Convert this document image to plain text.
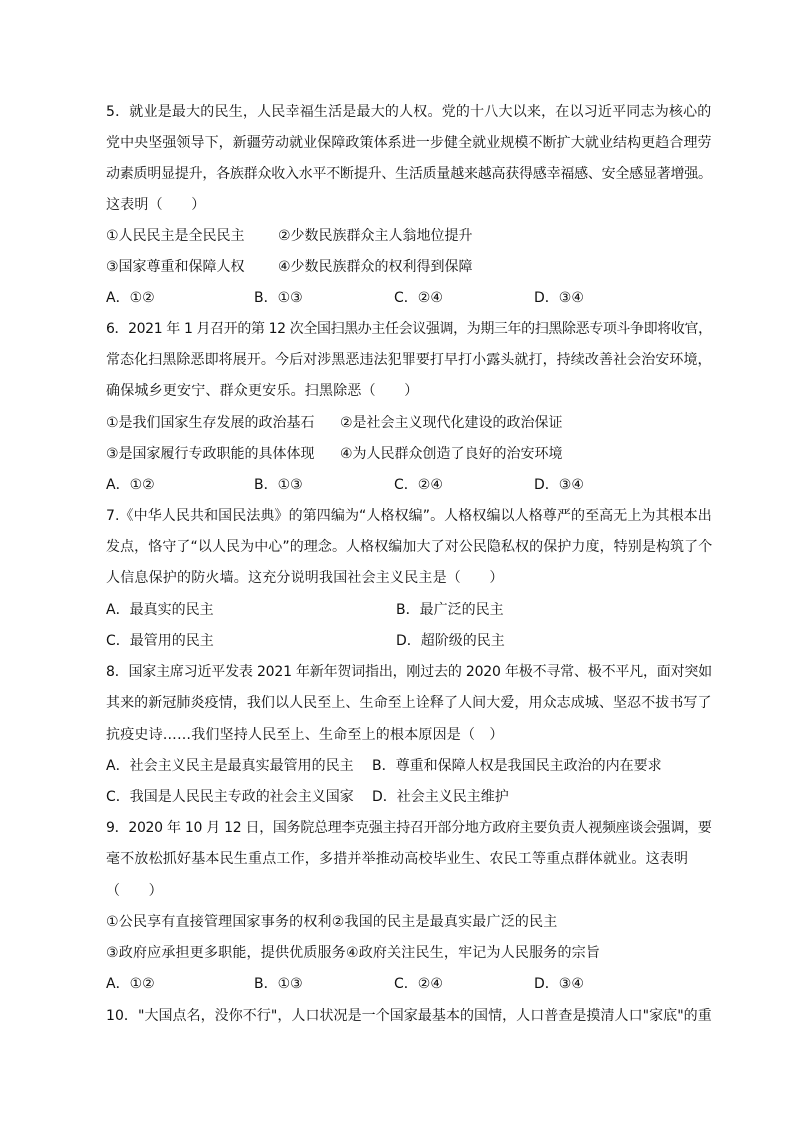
5．就业是最大的民生，人民幸福生活是最大的人权。党的十八大以来，在以习近平同志为核心的
党中央坚强领导下，新疆劳动就业保障政策体系进一步健全就业规模不断扩大就业结构更趋合理劳
动素质明显提升，各族群众收入水平不断提升、生活质量越来越高获得感幸福感、安全感显著增强。
这表明（　　）
①人民民主是全民民主 ②少数民族群众主人翁地位提升
③国家尊重和保障人权 ④少数民族群众的权利得到保障
A．①②	B．①③	C．②④	D．③④
6．2021 年 1 月召开的第 12 次全国扫黑办主任会议强调，为期三年的扫黑除恶专项斗争即将收官，
常态化扫黑除恶即将展开。今后对涉黑恶违法犯罪要打早打小露头就打，持续改善社会治安环境，
确保城乡更安宁、群众更安乐。扫黑除恶（　　）
①是我们国家生存发展的政治基石 ②是社会主义现代化建设的政治保证
③是国家履行专政职能的具体体现 ④为人民群众创造了良好的治安环境
A．①②	B．①③	C．②④	D．③④
7.《中华人民共和国民法典》的第四编为“人格权编”。人格权编以人格尊严的至高无上为其根本出
发点，恪守了“以人民为中心”的理念。人格权编加大了对公民隐私权的保护力度，特别是构筑了个
人信息保护的防火墙。这充分说明我国社会主义民主是（　　）
A．最真实的民主	B．最广泛的民主
C．最管用的民主	D．超阶级的民主
8．国家主席习近平发表 2021 年新年贺词指出，刚过去的 2020 年极不寻常、极不平凡，面对突如
其来的新冠肺炎疫情，我们以人民至上、生命至上诠释了人间大爱，用众志成城、坚忍不拔书写了
抗疫史诗……我们坚持人民至上、生命至上的根本原因是（　）
A．社会主义民主是最真实最管用的民主 B．尊重和保障人权是我国民主政治的内在要求
C．我国是人民民主专政的社会主义国家 D．社会主义民主维护
9．2020 年 10 月 12 日，国务院总理李克强主持召开部分地方政府主要负责人视频座谈会强调，要
毫不放松抓好基本民生重点工作，多措并举推动高校毕业生、农民工等重点群体就业。这表明
（　　）
①公民享有直接管理国家事务的权利②我国的民主是最真实最广泛的民主
③政府应承担更多职能，提供优质服务④政府关注民生，牢记为人民服务的宗旨
A．①②	B．①③	C．②④	D．③④
10．"大国点名，没你不行"，人口状况是一个国家最基本的国情，人口普查是摸清人口"家底"的重
